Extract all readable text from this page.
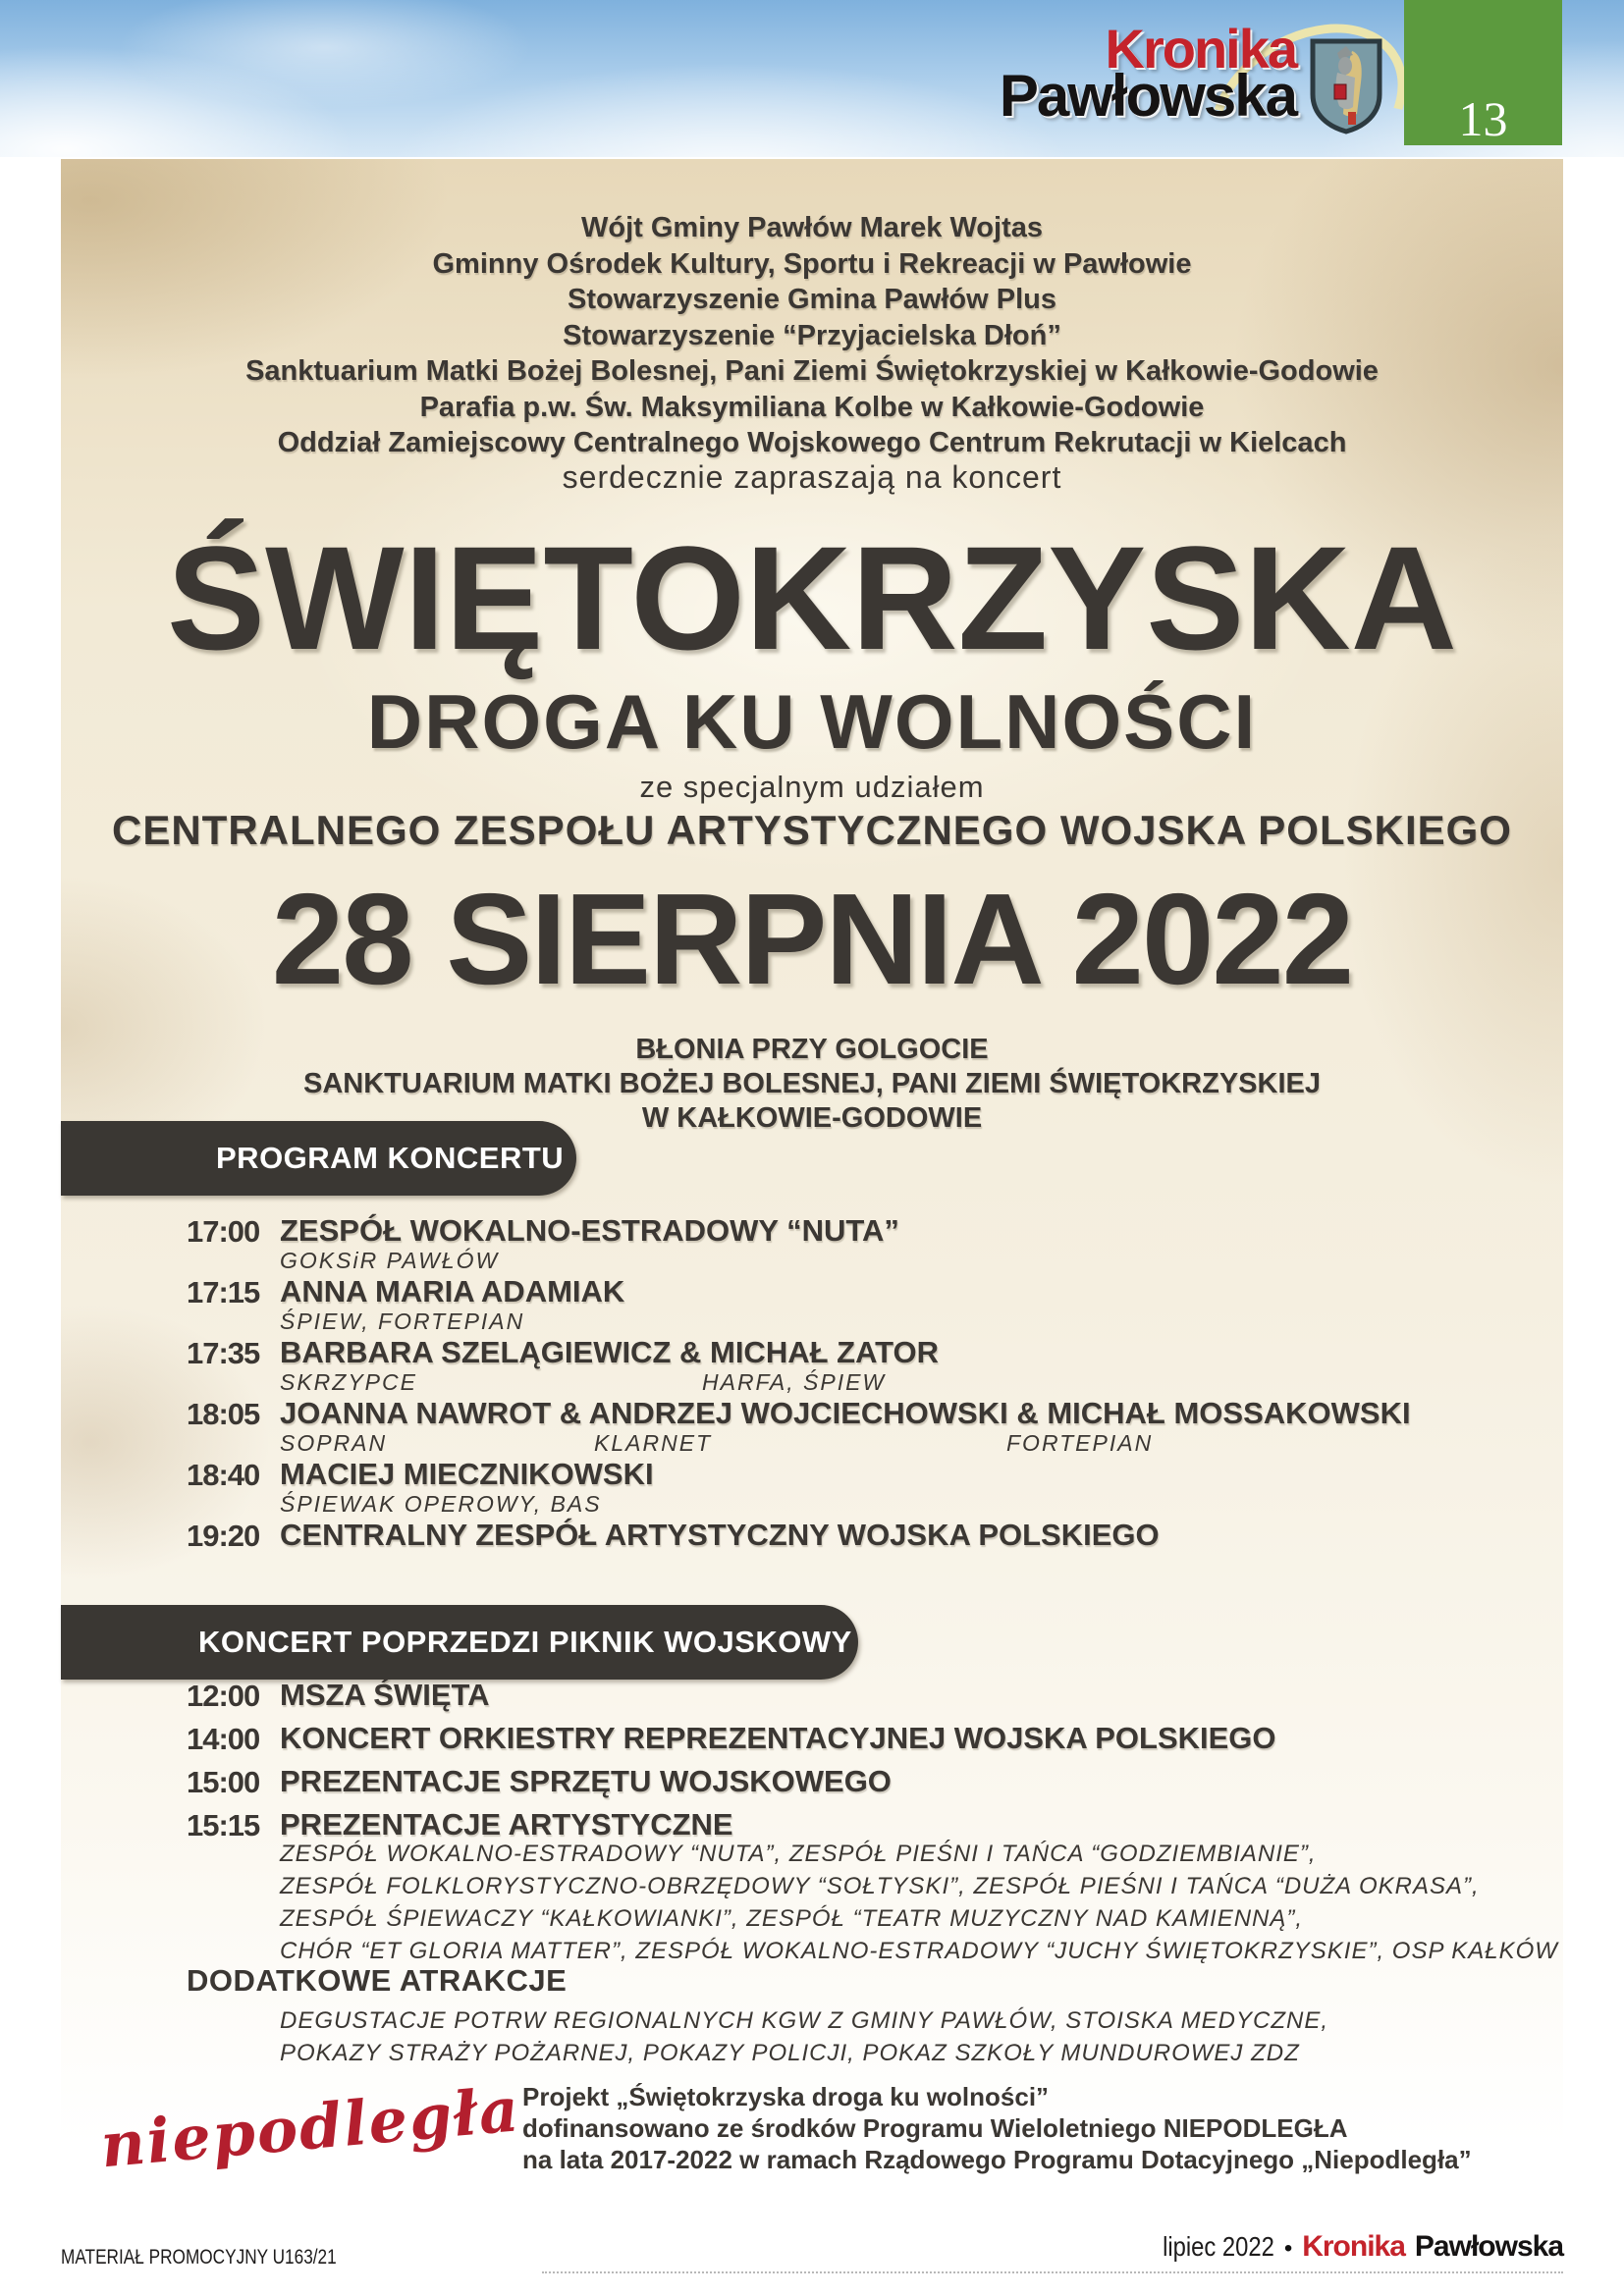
Kronika
Pawłowska	13
Wójt Gminy Pawłów Marek Wojtas
Gminny Ośrodek Kultury, Sportu i Rekreacji w Pawłowie
Stowarzyszenie Gmina Pawłów Plus
Stowarzyszenie “Przyjacielska Dłoń”
Sanktuarium Matki Bożej Bolesnej, Pani Ziemi Świętokrzyskiej w Kałkowie-Godowie
Parafia p.w. Św. Maksymiliana Kolbe w Kałkowie-Godowie
Oddział Zamiejscowy Centralnego Wojskowego Centrum Rekrutacji w Kielcach
serdecznie zapraszają na koncert
ŚWIĘTOKRZYSKA
DROGA KU WOLNOŚCI
ze specjalnym udziałem
CENTRALNEGO ZESPOŁU ARTYSTYCZNEGO WOJSKA POLSKIEGO
28 SIERPNIA 2022
BŁONIA PRZY GOLGOCIE
SANKTUARIUM MATKI BOŻEJ BOLESNEJ, PANI ZIEMI ŚWIĘTOKRZYSKIEJ
W KAŁKOWIE-GODOWIE
PROGRAM KONCERTU
17:00 ZESPÓŁ WOKALNO-ESTRADOWY “NUTA”
GOKSiR PAWŁÓW
17:15 ANNA MARIA ADAMIAK
ŚPIEW, FORTEPIAN
17:35 BARBARA SZELĄGIEWICZ & MICHAŁ ZATOR
SKRZYPCE	HARFA, ŚPIEW
18:05 JOANNA NAWROT & ANDRZEJ WOJCIECHOWSKI & MICHAŁ MOSSAKOWSKI
SOPRAN	KLARNET	FORTEPIAN
18:40 MACIEJ MIECZNIKOWSKI
ŚPIEWAK OPEROWY, BAS
19:20 CENTRALNY ZESPÓŁ ARTYSTYCZNY WOJSKA POLSKIEGO
KONCERT POPRZEDZI PIKNIK WOJSKOWY
12:00 MSZA ŚWIĘTA
14:00 KONCERT ORKIESTRY REPREZENTACYJNEJ WOJSKA POLSKIEGO
15:00 PREZENTACJE SPRZĘTU WOJSKOWEGO
15:15 PREZENTACJE ARTYSTYCZNE
ZESPÓŁ WOKALNO-ESTRADOWY “NUTA”, ZESPÓŁ PIEŚNI I TAŃCA “GODZIEMBIANIE”,
ZESPÓŁ FOLKLORYSTYCZNO-OBRZĘDOWY “SOŁTYSKI”, ZESPÓŁ PIEŚNI I TAŃCA “DUŻA OKRASA”,
ZESPÓŁ ŚPIEWACZY “KAŁKOWIANKI”, ZESPÓŁ “TEATR MUZYCZNY NAD KAMIENNĄ”,
CHÓR “ET GLORIA MATTER”, ZESPÓŁ WOKALNO-ESTRADOWY “JUCHY ŚWIĘTOKRZYSKIE”, OSP KAŁKÓW
DODATKOWE ATRAKCJE
DEGUSTACJE POTRW REGIONALNYCH KGW Z GMINY PAWŁÓW, STOISKA MEDYCZNE,
POKAZY STRAŻY POŻARNEJ, POKAZY POLICJI, POKAZ SZKOŁY MUNDUROWEJ ZDZ
niepodległa Projekt „Świętokrzyska droga ku wolności”
dofinansowano ze środków Programu Wieloletniego NIEPODLEGŁA
na lata 2017-2022 w ramach Rządowego Programu Dotacyjnego „Niepodległa”
MATERIAŁ PROMOCYJNY U163/21	lipiec 2022 • Kronika Pawłowska
